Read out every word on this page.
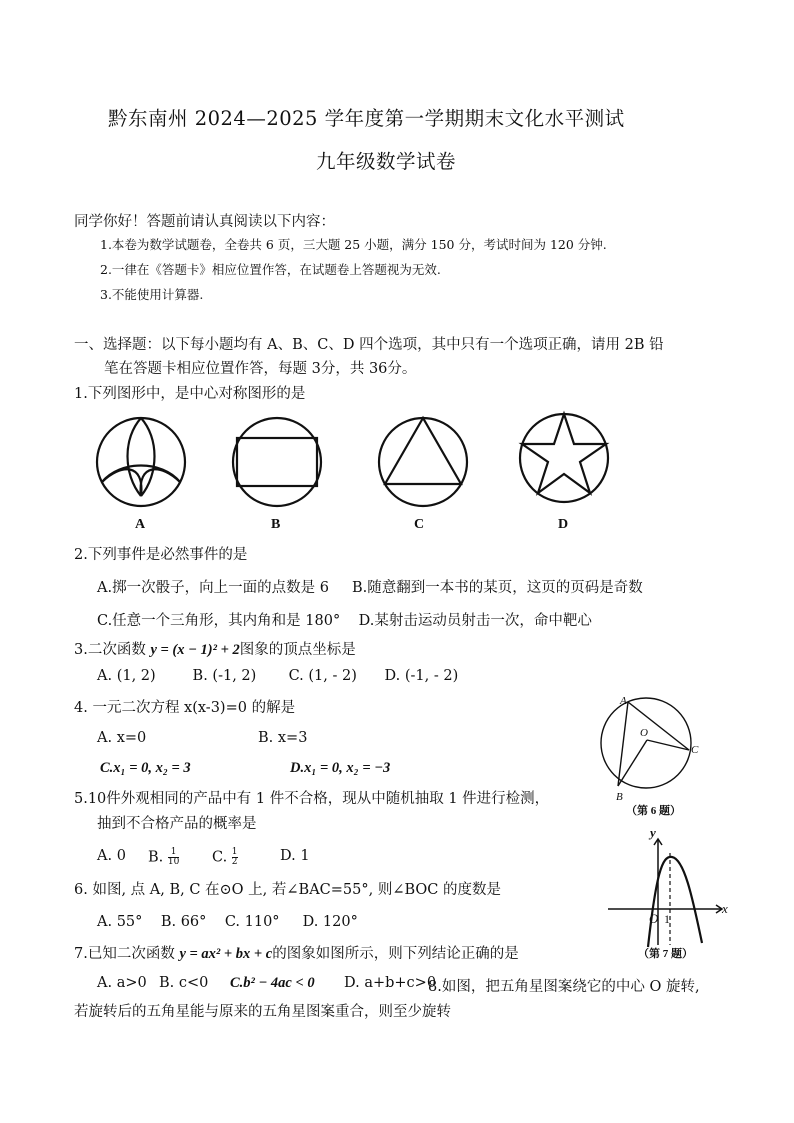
黔东南州 2024—2025 学年度第一学期期末文化水平测试
九年级数学试卷
同学你好！答题前请认真阅读以下内容：
1.本卷为数学试题卷，全卷共 6 页，三大题 25 小题，满分 150 分，考试时间为 120 分钟.
2.一律在《答题卡》相应位置作答，在试题卷上答题视为无效.
3.不能使用计算器.
一、选择题：以下每小题均有 A、B、C、D 四个选项，其中只有一个选项正确，请用 2B 铅
笔在答题卡相应位置作答，每题 3分，共 36分。
1.下列图形中，是中心对称图形的是
A	B	C	D
2.下列事件是必然事件的是
A.掷一次骰子，向上一面的点数是 6     B.随意翻到一本书的某页，这页的页码是奇数
C.任意一个三角形，其内角和是 180°    D.某射击运动员射击一次，命中靶心
3.二次函数 y = (x − 1)² + 2图象的顶点坐标是
A. (1, 2)        B. (-1, 2)       C. (1, - 2)      D. (-1, - 2)
4. 一元二次方程 x(x-3)=0 的解是
A. x=0	B. x=3
C.x₁ = 0, x₂ = 3	D.x₁ = 0, x₂ = −3
A
B
C
O
（第 6 题）
5.10件外观相同的产品中有 1 件不合格，现从中随机抽取 1 件进行检测，
抽到不合格产品的概率是
A. 0 B. $\frac{1}{10} C$. $\frac{1}{2}$	D. 1
x
y
O 1
（第 7 题）
6. 如图, 点 A, B, C 在⊙O 上, 若∠BAC=55°, 则∠BOC 的度数是
A. 55°    B. 66°    C. 110°     D. 120°
7.已知二次函数 y = ax² + bx + c的图象如图所示，则下列结论正确的是
A. a>0 B. c<0 C.b² − 4ac < 0 D. a+b+c>0
8.如图，把五角星图案绕它的中心 O 旋转,
若旋转后的五角星能与原来的五角星图案重合，则至少旋转
